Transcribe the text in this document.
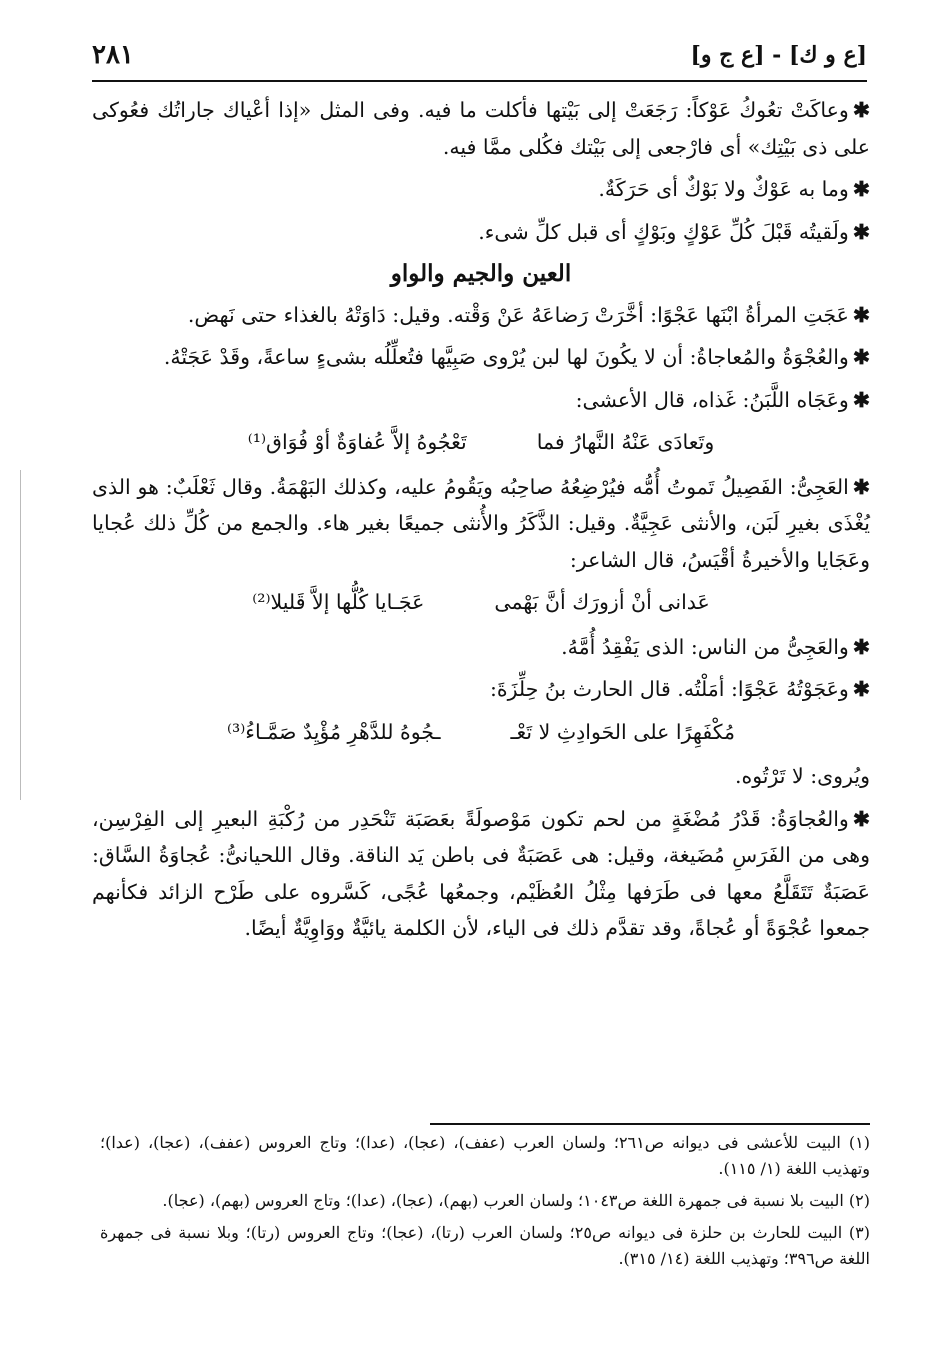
٢٨١	[ع و ك] - [ع ج و]

✱وعاكَتْ تعُوكُ عَوْكاً: رَجَعَتْ إلى بَيْتها فأكلت ما فيه. وفى المثل «إذا أعْياك جاراتُك فعُوكى على ذى بَيْتِك» أى فارْجعى إلى بَيْتك فكُلى ممَّا فيه.

✱وما به عَوْكٌ ولا بَوْكٌ أى حَرَكَةٌ.

✱ولَقيتُه قَبْلَ كُلِّ عَوْكٍ وبَوْكٍ أى قبل كلِّ شىء.

العين والجيم والواو

✱عَجَتِ المرأةُ ابْنَها عَجْوًا: أخَّرَتْ رَضاعَهُ عَنْ وَقْته. وقيل: دَاوَتْهُ بالغذاء حتى نَهض.

✱والعُجْوَةُ والمُعاجاةُ: أن لا يكُونَ لها لبن يُرْوى صَبِيَّها فتُعلِّلُه بشىءٍ ساعةً، وقَدْ عَجَتْهُ.

✱وعَجَاه اللَّبَنُ: غَذاه، قال الأعشى:

وتَعادَى عَنْهُ النَّهارُ فما
تَعْجُوهُ إلاَّ عُفاوَةٌ أوْ فُوَاق⁽¹⁾

✱العَجِىُّ: الفَصِيلُ تَموتُ أُمُّه فيُرْضِعُهُ صاحِبُه ويَقُومُ عليه، وكذلك البَهْمَةُ. وقال ثَعْلَبٌ: هو الذى يُغْذَى بغيرِ لَبَن، والأنثى عَجِيَّةٌ. وقيل: الذَّكَرُ والأُنثى جميعًا بغير هاء. والجمع من كُلِّ ذلك عُجايا وعَجَايا والأخيرةُ أقْيَسُ، قال الشاعر:

عَدانى أنْ أزورَك أنَّ بَهْمى
عَجَـايا كُلُّها إلاَّ قَليلا⁽²⁾

✱والعَجِىُّ من الناس: الذى يَفْقِدُ أُمَّهُ.

✱وعَجَوْتُهُ عَجْوًا: أمَلْتُه. قال الحارث بنُ حِلِّزَةَ:

مُكْفَهِرًا على الحَوادِثِ لا تَعْـ
ـجُوهُ للدَّهْرِ مُؤْيِدٌ صَمَّـاءُ⁽³⁾

ويُروى: لا تَرْتُوه.

✱والعُجاوَةُ: قَدْرُ مُضْغَةٍ من لحم تكون مَوْصولَةً بعَصَبَة تَنْحَدِر من رُكْبَةِ البعيرِ إلى الفِرْسِن، وهى من الفَرَسِ مُضَيغة، وقيل: هى عَصَبَةٌ فى باطن يَد الناقة. وقال اللحيانىُّ: عُجاوَةُ السَّاق: عَصَبَةٌ تَتَقَلَّعُ معها فى طَرَفها مِثْلُ العُظَيْم، وجمعُها عُجًى، كَسَّروه على طَرْح الزائد فكأنهم جمعوا عُجْوَةً أو عُجاةً، وقد تقدَّم ذلك فى الياء، لأن الكلمة يائيَّةٌ ووَاوِيَّةٌ أيضًا.

(١) البيت للأعشى فى ديوانه ص٢٦١؛ ولسان العرب (عفف)، (عجا)، (عدا)؛ وتاج العروس (عفف)، (عجا)، (عدا)؛ وتهذيب اللغة (١/ ١١٥).

(٢) البيت بلا نسبة فى جمهرة اللغة ص١٠٤٣؛ ولسان العرب (بهم)، (عجا)، (عدا)؛ وتاج العروس (بهم)، (عجا).

(٣) البيت للحارث بن حلزة فى ديوانه ص٢٥؛ ولسان العرب (رتا)، (عجا)؛ وتاج العروس (رتا)؛ وبلا نسبة فى جمهرة اللغة ص٣٩٦؛ وتهذيب اللغة (١٤/ ٣١٥).
